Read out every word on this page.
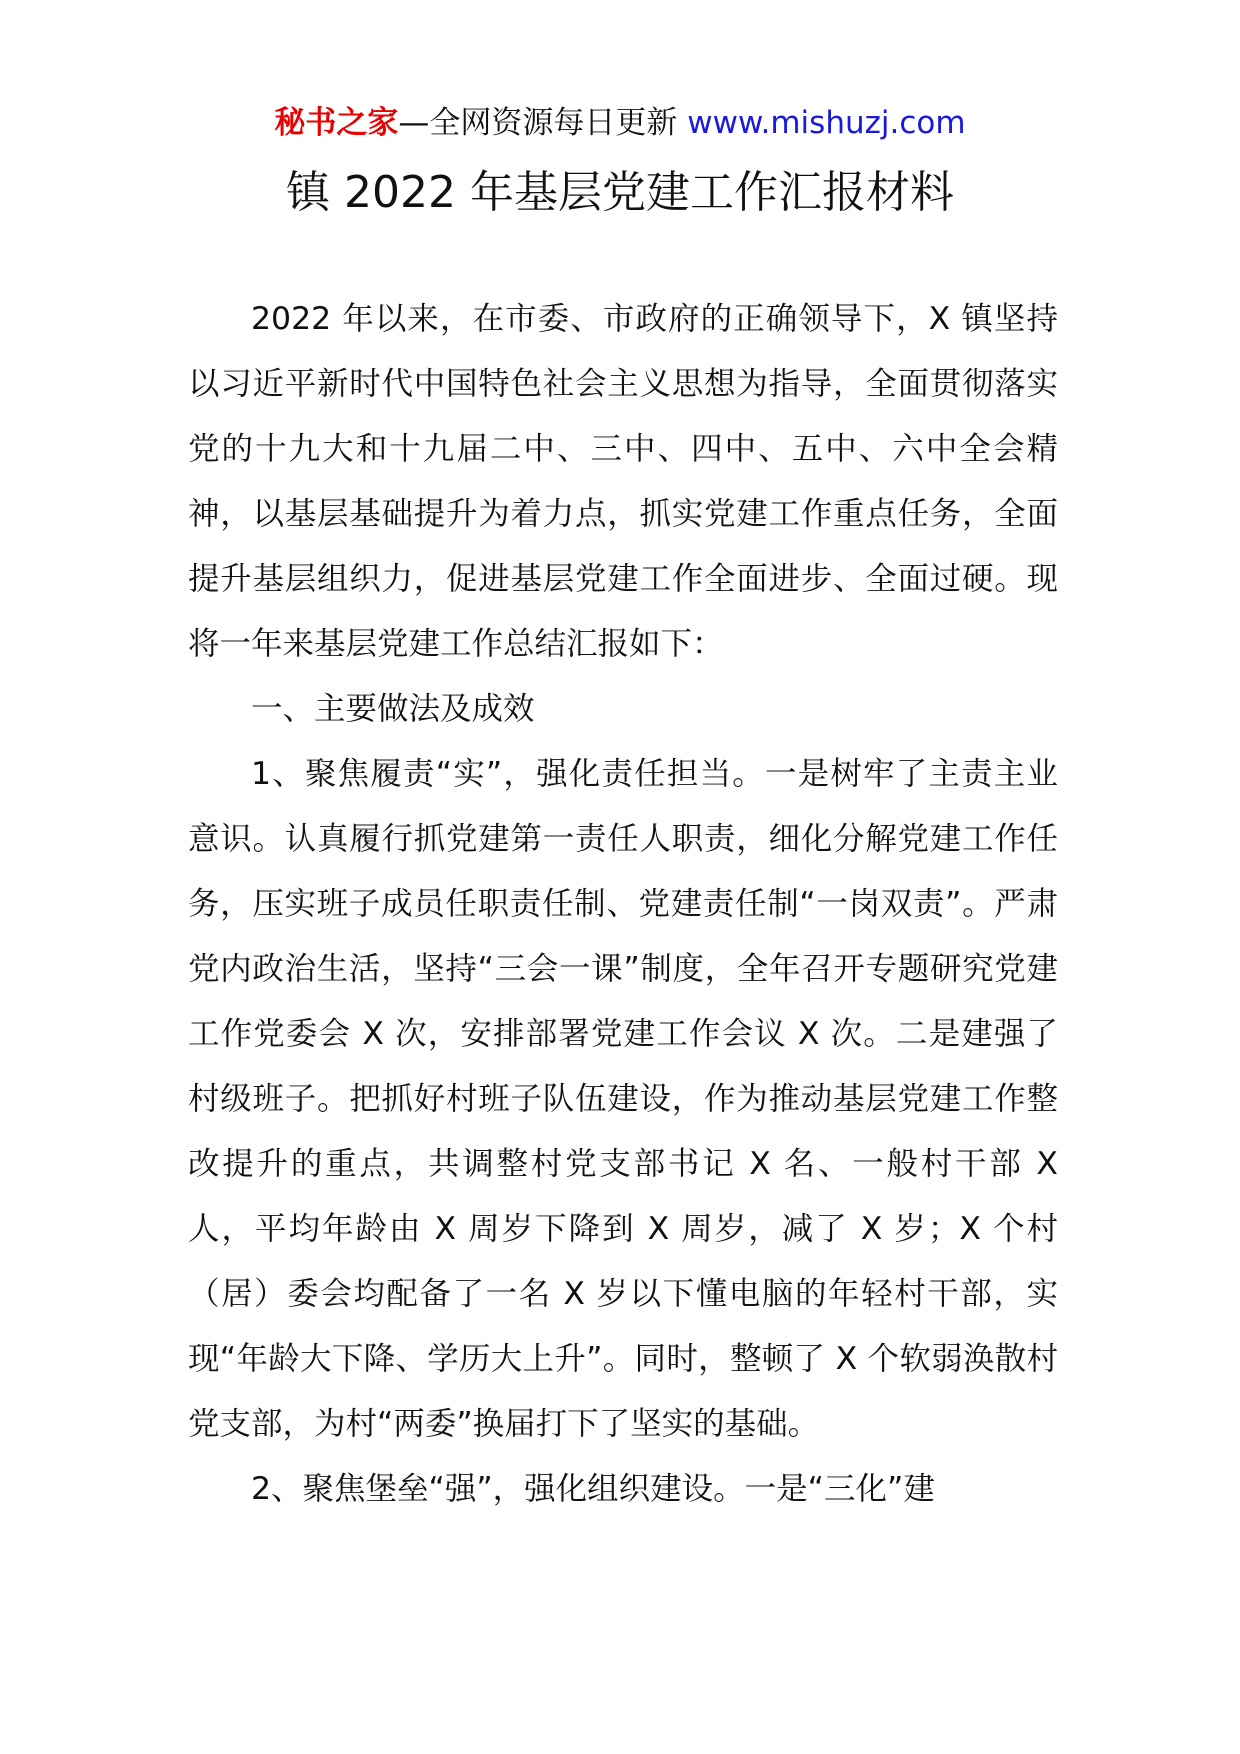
秘书之家—全网资源每日更新 www.mishuzj.com
镇 2022 年基层党建工作汇报材料

2022 年以来，在市委、市政府的正确领导下，X 镇坚持以习近平新时代中国特色社会主义思想为指导，全面贯彻落实党的十九大和十九届二中、三中、四中、五中、六中全会精神，以基层基础提升为着力点，抓实党建工作重点任务，全面提升基层组织力，促进基层党建工作全面进步、全面过硬。现将一年来基层党建工作总结汇报如下：

一、主要做法及成效

1、聚焦履责“实”，强化责任担当。一是树牢了主责主业意识。认真履行抓党建第一责任人职责，细化分解党建工作任务，压实班子成员任职责任制、党建责任制“一岗双责”。严肃党内政治生活，坚持“三会一课”制度，全年召开专题研究党建工作党委会 X 次，安排部署党建工作会议 X 次。二是建强了村级班子。把抓好村班子队伍建设，作为推动基层党建工作整改提升的重点，共调整村党支部书记 X 名、一般村干部 X 人，平均年龄由 X 周岁下降到 X 周岁，减了 X 岁；X 个村（居）委会均配备了一名 X 岁以下懂电脑的年轻村干部，实现“年龄大下降、学历大上升”。同时，整顿了 X 个软弱涣散村党支部，为村“两委”换届打下了坚实的基础。

2、聚焦堡垒“强”，强化组织建设。一是“三化”建
